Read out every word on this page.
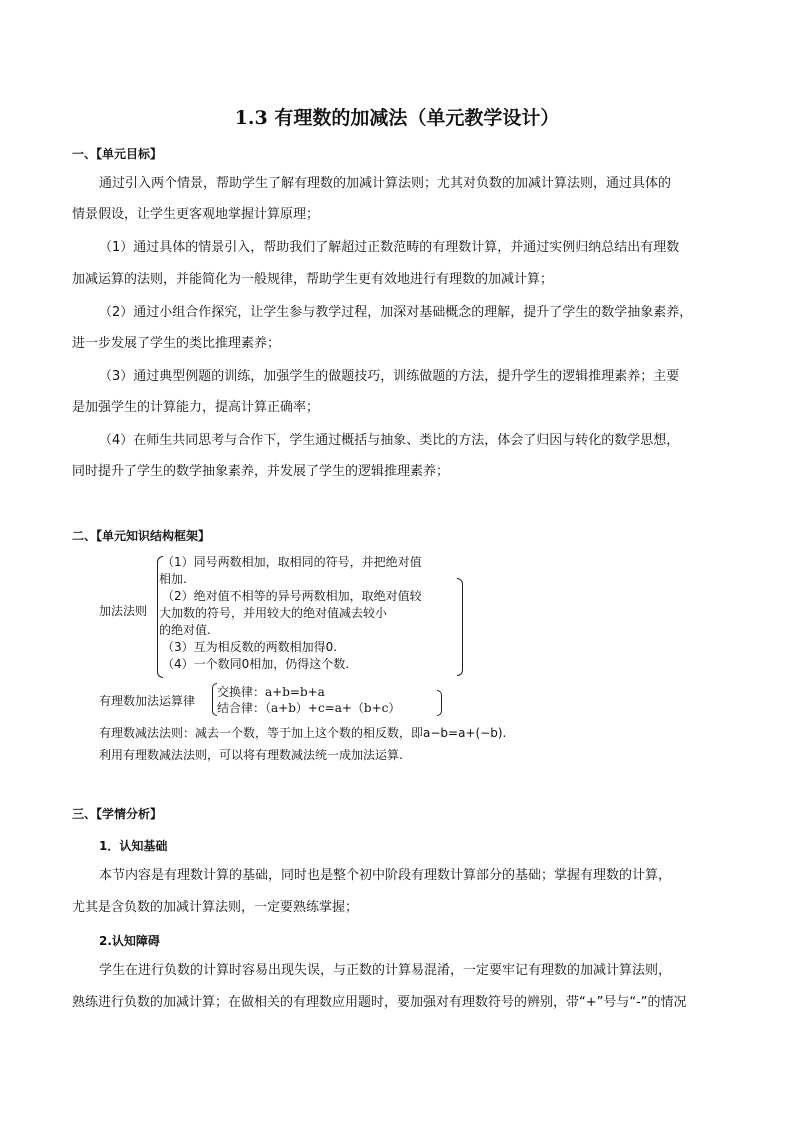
1.3 有理数的加减法（单元教学设计）
一、【单元目标】
通过引入两个情景，帮助学生了解有理数的加减计算法则；尤其对负数的加减计算法则，通过具体的
情景假设，让学生更客观地掌握计算原理；
（1）通过具体的情景引入，帮助我们了解超过正数范畴的有理数计算，并通过实例归纳总结出有理数
加减运算的法则，并能简化为一般规律，帮助学生更有效地进行有理数的加减计算；
（2）通过小组合作探究，让学生参与教学过程，加深对基础概念的理解，提升了学生的数学抽象素养，
进一步发展了学生的类比推理素养；
（3）通过典型例题的训练，加强学生的做题技巧，训练做题的方法，提升学生的逻辑推理素养；主要
是加强学生的计算能力，提高计算正确率；
（4）在师生共同思考与合作下，学生通过概括与抽象、类比的方法，体会了归因与转化的数学思想，
同时提升了学生的数学抽象素养，并发展了学生的逻辑推理素养；
二、【单元知识结构框架】
加法法则
（1）同号两数相加，取相同的符号，并把绝对值
相加.
（2）绝对值不相等的异号两数相加，取绝对值较
大加数的符号，并用较大的绝对值减去较小
的绝对值.
（3）互为相反数的两数相加得0.
（4）一个数同0相加，仍得这个数.
有理数加法运算律
交换律：a+b=b+a
结合律：（a+b）+c=a+（b+c）
有理数减法法则：减去一个数，等于加上这个数的相反数，即a−b=a+(−b).
利用有理数减法法则，可以将有理数减法统一成加法运算.
三、【学情分析】
1．认知基础
本节内容是有理数计算的基础，同时也是整个初中阶段有理数计算部分的基础；掌握有理数的计算，
尤其是含负数的加减计算法则，一定要熟练掌握；
2.认知障碍
学生在进行负数的计算时容易出现失误，与正数的计算易混淆，一定要牢记有理数的加减计算法则，
熟练进行负数的加减计算；在做相关的有理数应用题时，要加强对有理数符号的辨别，带“+”号与“-”的情况
